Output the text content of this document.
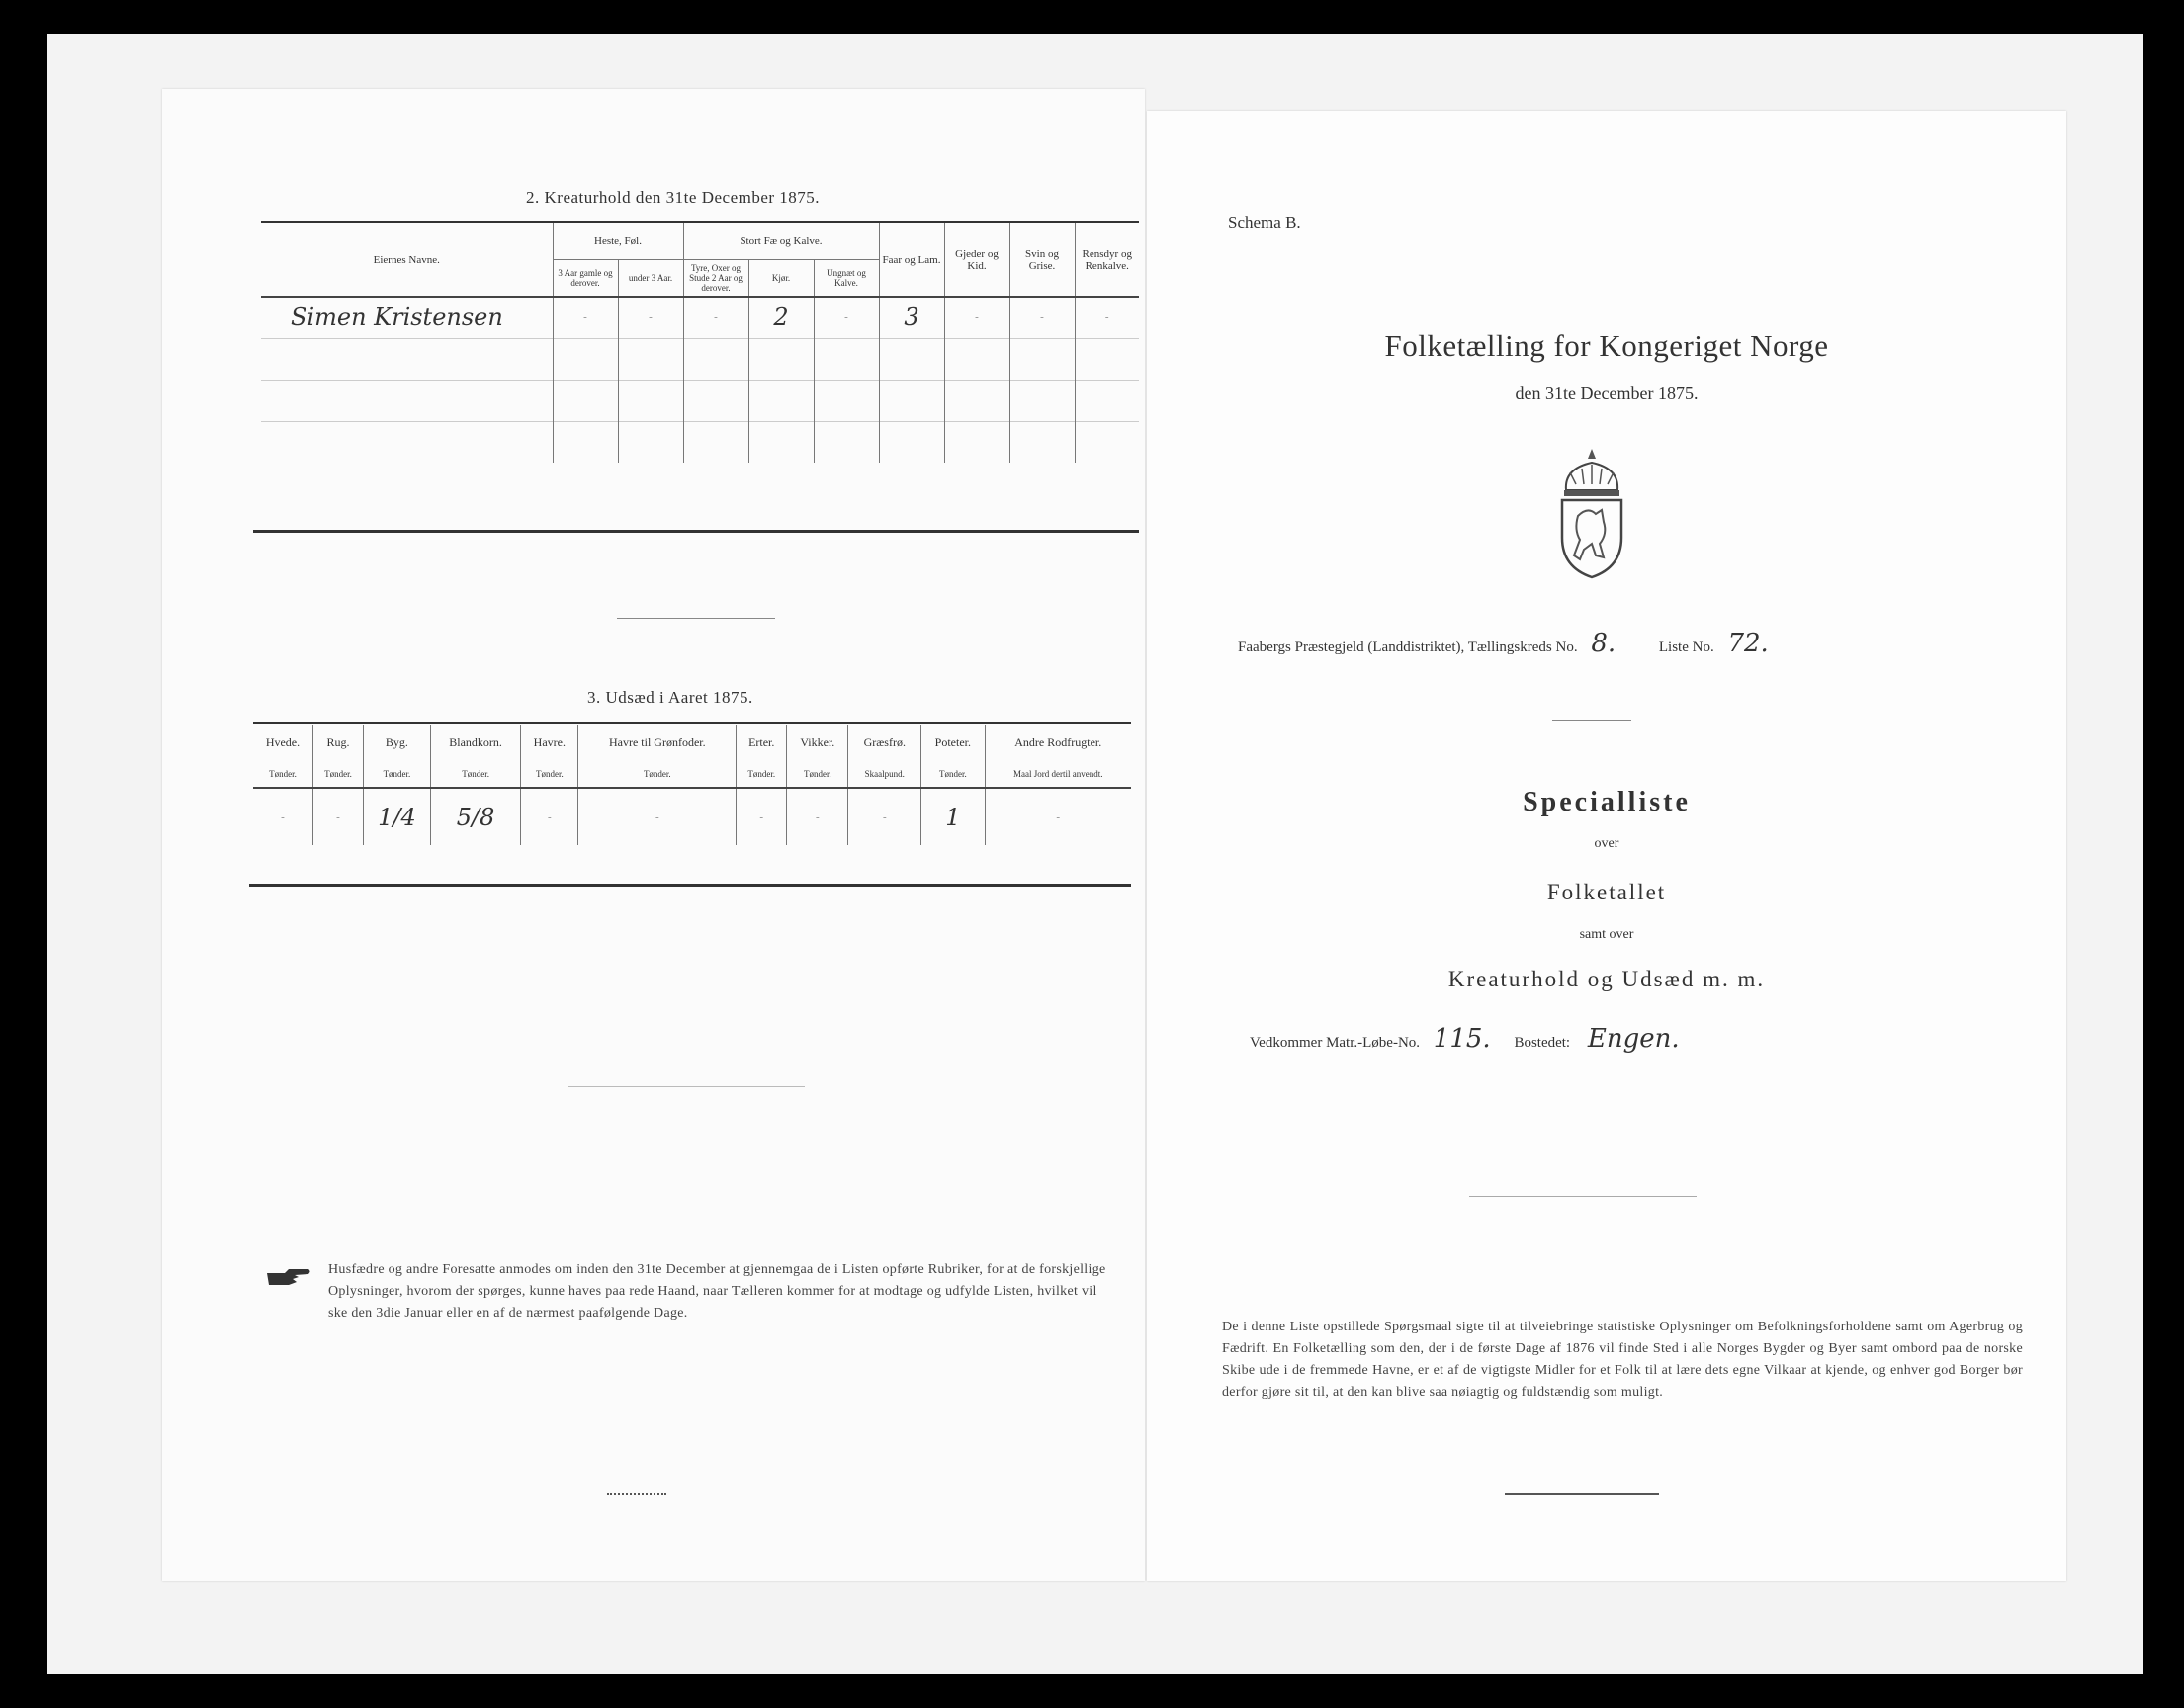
2. Kreaturhold den 31te December 1875.
Eiernes Navne.	Heste, Føl.		Stort Fæ og Kalve.			Faar og Lam.	Gjeder og Kid.	Svin og Grise.	Rensdyr og Renkalve.
	3 Aar gamle og derover.	under 3 Aar.	Tyre, Oxer og Stude 2 Aar og derover.	Kjør.	Ungnæt og Kalve.				
Simen Kristensen	-	-	-	2	-	3	-	-	-

3. Udsæd i Aaret 1875.
Hvede.	Rug.	Byg.	Blandkorn.	Havre.	Havre til Grønfoder.	Erter.	Vikker.	Græsfrø.	Poteter.	Andre Rodfrugter.
Tønder.	Tønder.	Tønder.	Tønder.	Tønder.	Tønder.	Tønder.	Tønder.	Skaalpund.	Tønder.	Maal Jord dertil anvendt.
-	-	1/4	5/8	-	-	-	-	-	1	-
Husfædre og andre Foresatte anmodes om inden den 31te December at gjennemgaa de i Listen opførte Rubriker, for at de forskjellige Oplysninger, hvorom der spørges, kunne haves paa rede Haand, naar Tælleren kommer for at modtage og udfylde Listen, hvilket vil ske den 3die Januar eller en af de nærmest paafølgende Dage.
Schema B.
Folketælling for Kongeriget Norge
den 31te December 1875.
Faabergs Præstegjeld (Landdistriktet), Tællingskreds No. 8.	Liste No. 72.
Specialliste
over
Folketallet
samt over
Kreaturhold og Udsæd m. m.
Vedkommer Matr.-Løbe-No. 115. Bostedet: Engen.
De i denne Liste opstillede Spørgsmaal sigte til at tilveiebringe statistiske Oplysninger om Befolkningsforholdene samt om Agerbrug og Fædrift. En Folketælling som den, der i de første Dage af 1876 vil finde Sted i alle Norges Bygder og Byer samt ombord paa de norske Skibe ude i de fremmede Havne, er et af de vigtigste Midler for et Folk til at lære dets egne Vilkaar at kjende, og enhver god Borger bør derfor gjøre sit til, at den kan blive saa nøiagtig og fuldstændig som muligt.
